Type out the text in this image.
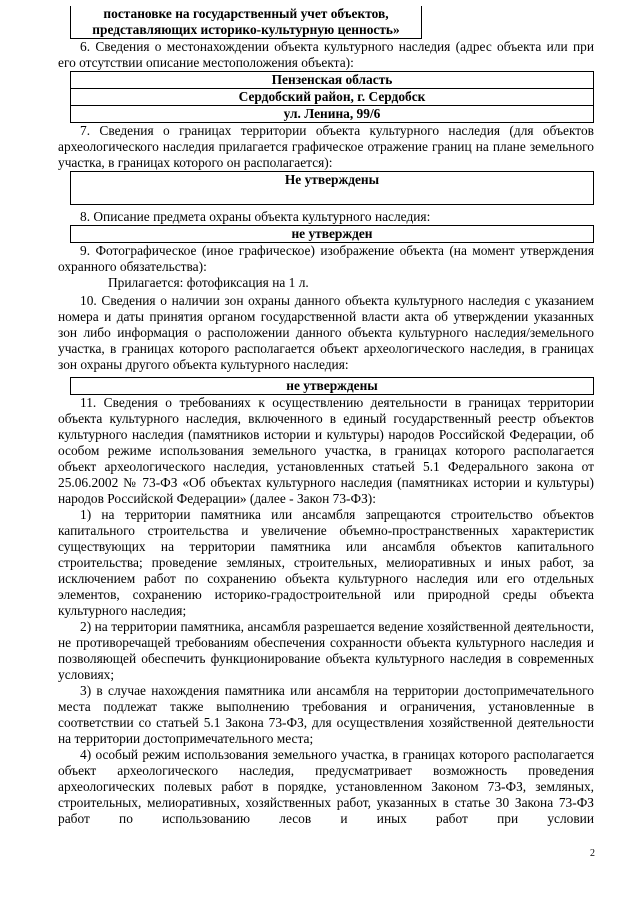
постановке на государственный учет объектов,
представляющих историко-культурную ценность»
6. Сведения о местонахождении объекта культурного наследия (адрес объекта или при его отсутствии описание местоположения объекта):
Пензенская область
Сердобский район, г. Сердобск
ул. Ленина, 99/6
7. Сведения о границах территории объекта культурного наследия (для объектов археологического наследия прилагается графическое отражение границ на плане земельного участка, в границах которого он располагается):
Не утверждены
8. Описание предмета охраны объекта культурного наследия:
не утвержден
9. Фотографическое (иное графическое) изображение объекта (на момент утверждения охранного обязательства):
Прилагается: фотофиксация на 1 л.
10. Сведения о наличии зон охраны данного объекта культурного наследия с указанием номера и даты принятия органом государственной власти акта об утверждении указанных зон либо информация о расположении данного объекта культурного наследия/земельного участка, в границах которого располагается объект археологического наследия, в границах зон охраны другого объекта культурного наследия:
не утверждены
11. Сведения о требованиях к осуществлению деятельности в границах территории объекта культурного наследия, включенного в единый государственный реестр объектов культурного наследия (памятников истории и культуры) народов Российской Федерации, об особом режиме использования земельного участка, в границах которого располагается объект археологического наследия, установленных статьей 5.1 Федерального закона от 25.06.2002 № 73-ФЗ «Об объектах культурного наследия (памятниках истории и культуры) народов Российской Федерации» (далее - Закон 73-ФЗ):
1) на территории памятника или ансамбля запрещаются строительство объектов капитального строительства и увеличение объемно-пространственных характеристик существующих на территории памятника или ансамбля объектов капитального строительства; проведение земляных, строительных, мелиоративных и иных работ, за исключением работ по сохранению объекта культурного наследия или его отдельных элементов, сохранению историко-градостроительной или природной среды объекта культурного наследия;
2) на территории памятника, ансамбля разрешается ведение хозяйственной деятельности, не противоречащей требованиям обеспечения сохранности объекта культурного наследия и позволяющей обеспечить функционирование объекта культурного наследия в современных условиях;
3) в случае нахождения памятника или ансамбля на территории достопримечательного места подлежат также выполнению требования и ограничения, установленные в соответствии со статьей 5.1 Закона 73-ФЗ, для осуществления хозяйственной деятельности на территории достопримечательного места;
4) особый режим использования земельного участка, в границах которого располагается объект археологического наследия, предусматривает возможность проведения археологических полевых работ в порядке, установленном Законом 73-ФЗ, земляных, строительных, мелиоративных, хозяйственных работ, указанных в статье 30 Закона 73-ФЗ работ по использованию лесов и иных работ при условии
2
